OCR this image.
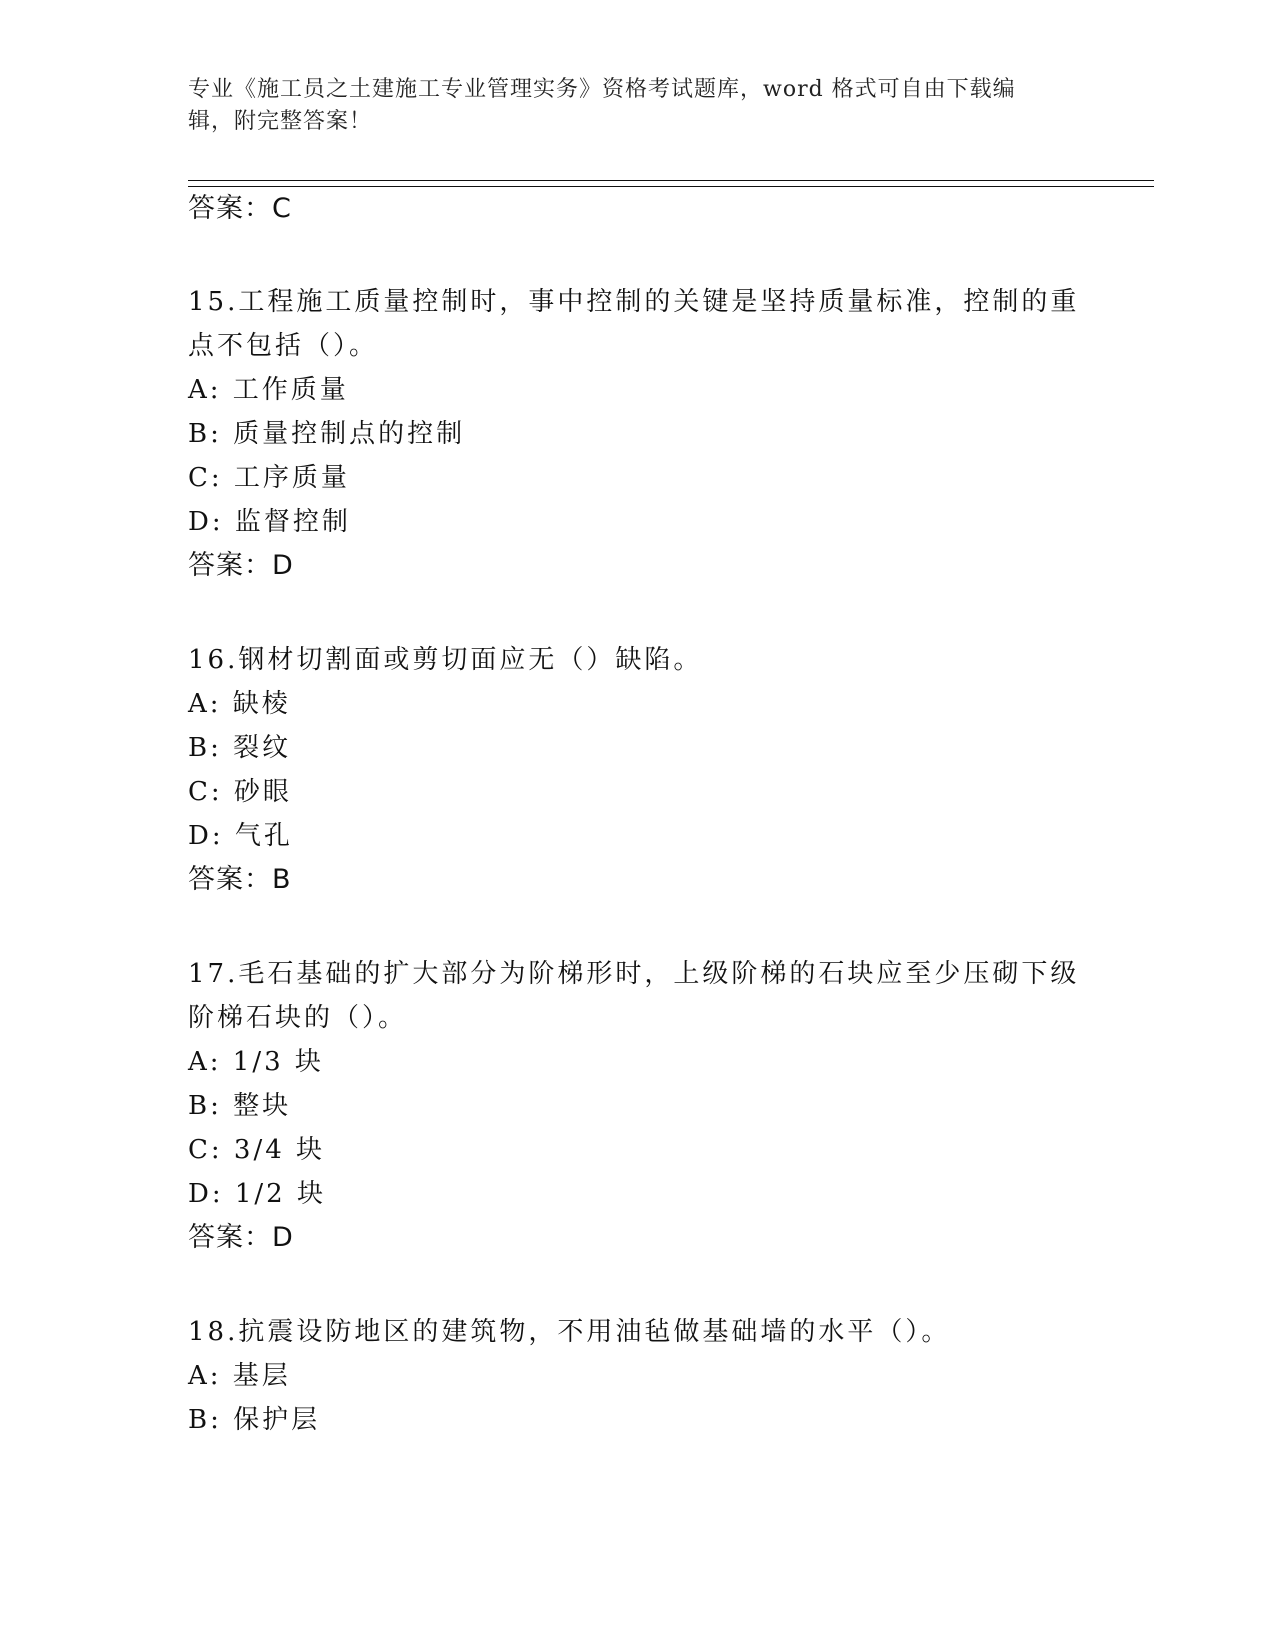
专业《施工员之土建施工专业管理实务》资格考试题库，word 格式可自由下载编
辑，附完整答案！
答案：C
15.工程施工质量控制时，事中控制的关键是坚持质量标准，控制的重
点不包括（）。
A: 工作质量
B: 质量控制点的控制
C: 工序质量
D: 监督控制
答案：D
16.钢材切割面或剪切面应无（）缺陷。
A: 缺棱
B: 裂纹
C: 砂眼
D: 气孔
答案：B
17.毛石基础的扩大部分为阶梯形时，上级阶梯的石块应至少压砌下级
阶梯石块的（）。
A: 1/3 块
B: 整块
C: 3/4 块
D: 1/2 块
答案：D
18.抗震设防地区的建筑物，不用油毡做基础墙的水平（）。
A: 基层
B: 保护层
